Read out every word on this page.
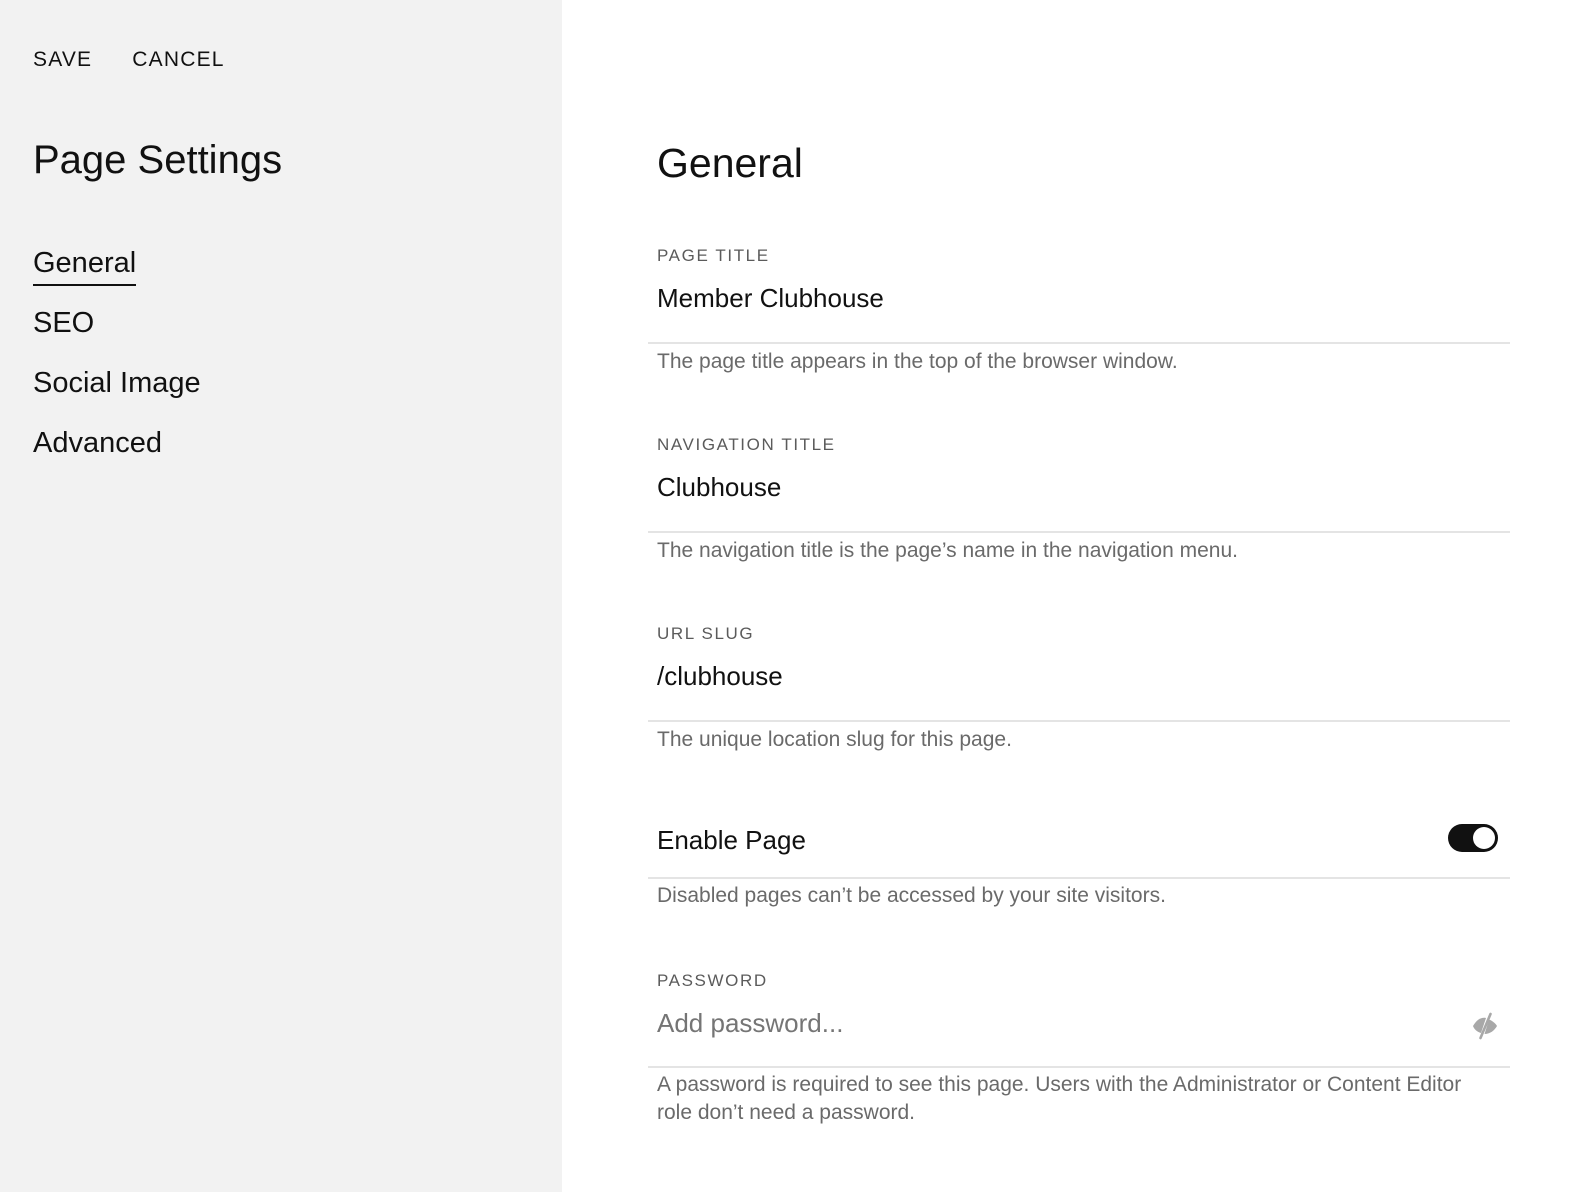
SAVE CANCEL
Page Settings
General
SEO
Social Image
Advanced
General
PAGE TITLE
Member Clubhouse
The page title appears in the top of the browser window.
NAVIGATION TITLE
Clubhouse
The navigation title is the page’s name in the navigation menu.
URL SLUG
/clubhouse
The unique location slug for this page.
Enable Page
Disabled pages can’t be accessed by your site visitors.
PASSWORD
A password is required to see this page. Users with the Administrator or Content Editor role don’t need a password.
